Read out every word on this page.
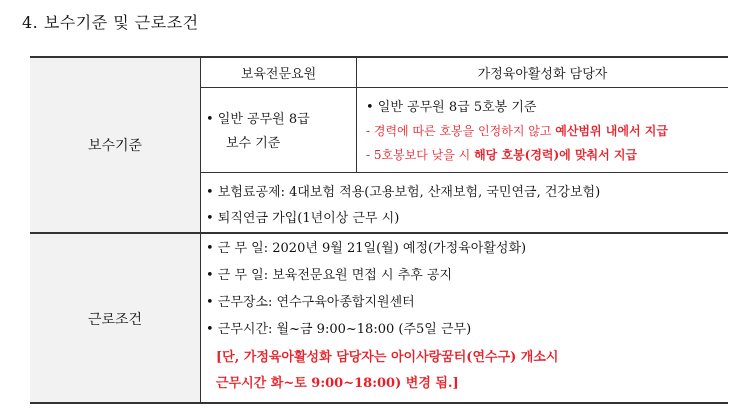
4. 보수기준 및 근로조건
보수기준
근로조건
보육전문요원	가정육아활성화 담당자
• 일반 공무원 8급
보수 기준
• 일반 공무원 8급 5호봉 기준
- 경력에 따른 호봉을 인정하지 않고 예산범위 내에서 지급
- 5호봉보다 낮을 시 해당 호봉(경력)에 맞춰서 지급
• 보험료공제: 4대보험 적용(고용보험, 산재보험, 국민연금, 건강보험)
• 퇴직연금 가입(1년이상 근무 시)
• 근 무 일: 2020년 9월 21일(월) 예정(가정육아활성화)
• 근 무 일: 보육전문요원 면접 시 추후 공지
• 근무장소: 연수구육아종합지원센터
• 근무시간: 월~금 9:00~18:00 (주5일 근무)
[단, 가정육아활성화 담당자는 아이사랑꿈터(연수구) 개소시
근무시간 화~토 9:00~18:00) 변경 됨.]
